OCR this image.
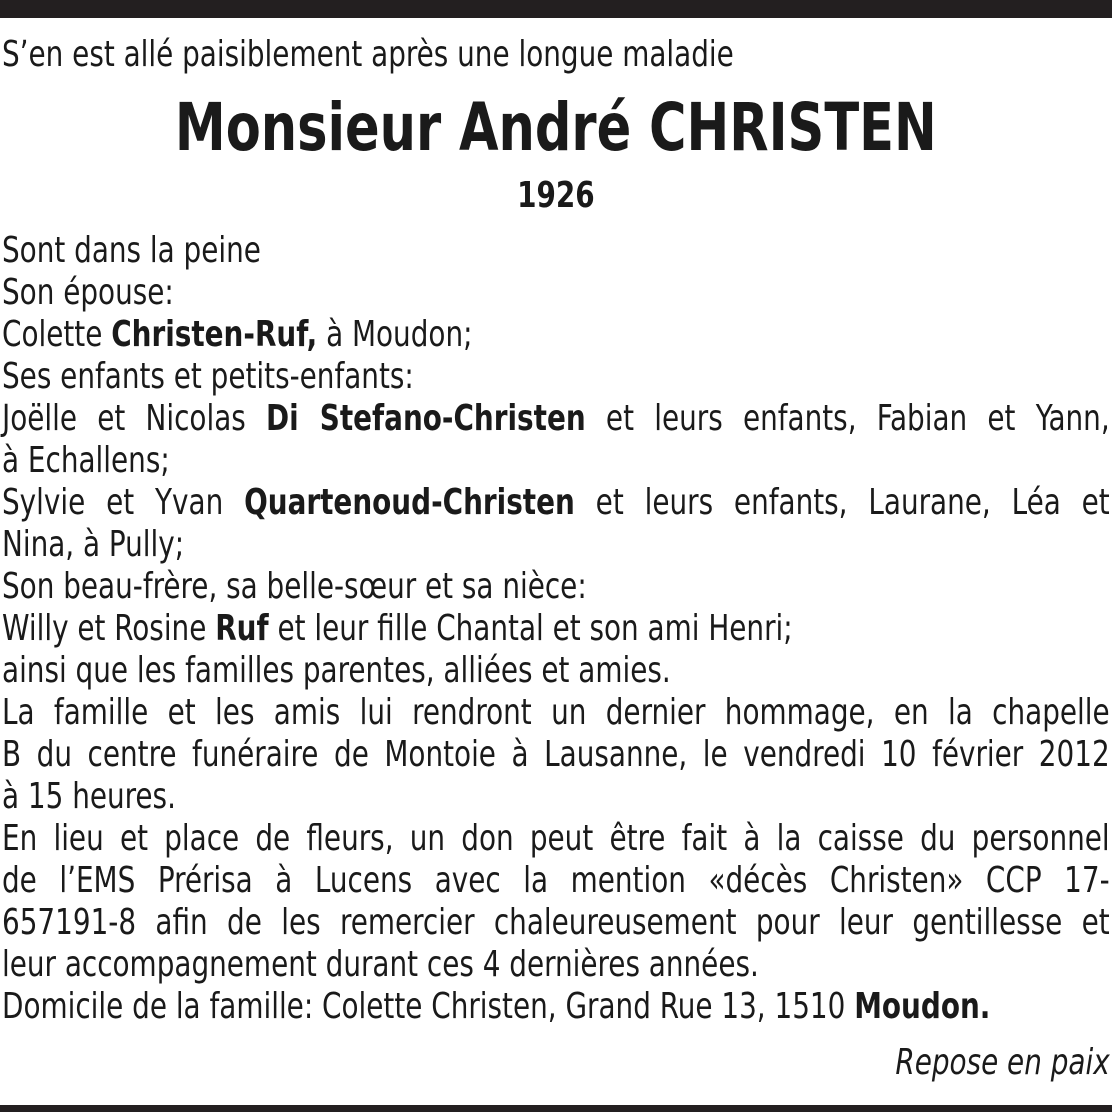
S’en est allé paisiblement après une longue maladie

Monsieur André CHRISTEN

1926

Sont dans la peine
Son épouse:
Colette Christen-Ruf, à Moudon;
Ses enfants et petits-enfants:
Joëlle et Nicolas Di Stefano-Christen et leurs enfants, Fabian et Yann,
à Echallens;
Sylvie et Yvan Quartenoud-Christen et leurs enfants, Laurane, Léa et
Nina, à Pully;
Son beau-frère, sa belle-sœur et sa nièce:
Willy et Rosine Ruf et leur fille Chantal et son ami Henri;
ainsi que les familles parentes, alliées et amies.
La famille et les amis lui rendront un dernier hommage, en la chapelle
B du centre funéraire de Montoie à Lausanne, le vendredi 10 février 2012
à 15 heures.
En lieu et place de fleurs, un don peut être fait à la caisse du personnel
de l’EMS Prérisa à Lucens avec la mention «décès Christen» CCP 17-
657191-8 afin de les remercier chaleureusement pour leur gentillesse et
leur accompagnement durant ces 4 dernières années.
Domicile de la famille: Colette Christen, Grand Rue 13, 1510 Moudon.

Repose en paix
